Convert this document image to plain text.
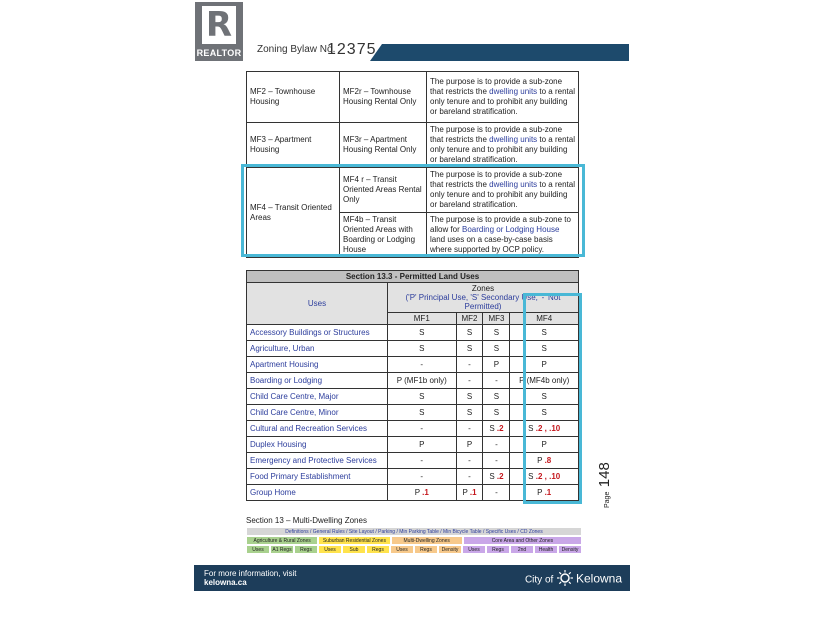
R
REALTOR Zoning Bylaw No.
12375
MF2 – Townhouse Housing	MF2r – Townhouse Housing Rental Only	The purpose is to provide a sub-zone that restricts the dwelling units to a rental only tenure and to prohibit any building or bareland stratification.
MF3 – Apartment Housing	MF3r – Apartment Housing Rental Only	The purpose is to provide a sub-zone that restricts the dwelling units to a rental only tenure and to prohibit any building or bareland stratification.
MF4 – Transit Oriented Areas	MF4 r – Transit Oriented Areas Rental Only	The purpose is to provide a sub-zone that restricts the dwelling units to a rental only tenure and to prohibit any building or bareland stratification.
	MF4b – Transit Oriented Areas with Boarding or Lodging House	The purpose is to provide a sub-zone to allow for Boarding or Lodging House land uses on a case-by-case basis where supported by OCP policy.
Section 13.3 - Permitted Land Uses				
Uses	Zones
('P' Principal Use, 'S' Secondary Use, '-' Not Permitted)			

	MF1	MF2	MF3	MF4
Accessory Buildings or Structures	S	S	S	S
Agriculture, Urban	S	S	S	S
Apartment Housing	-	-	P	P
Boarding or Lodging	P (MF1b only)	-	-	P (MF4b only)
Child Care Centre, Major	S	S	S	S
Child Care Centre, Minor	S	S	S	S
Cultural and Recreation Services	-	-	S .2	S .2 , .10
Duplex Housing	P	P	-	P
Emergency and Protective Services	-	-	-	P .8
Food Primary Establishment	-	-	S .2	S .2 , .10
Group Home	P .1	P .1	-	P .1	Page 148
Section 13 – Multi-Dwelling Zones
Definitions / General Rules / Site Layout / Parking / Min Parking Table / Min Bicycle Table / Specific Uses / CD Zones
Agriculture & Rural Zones	Suburban Residential Zones	Multi-Dwelling Zones	Core Area and Other Zones
Uses	A1 Regs	Regs	Uses	Sub	Regs	Uses	Regs	Density	Uses	Regs	2nd	Health	Density
For more information, visit
kelowna.ca	City of Kelowna
